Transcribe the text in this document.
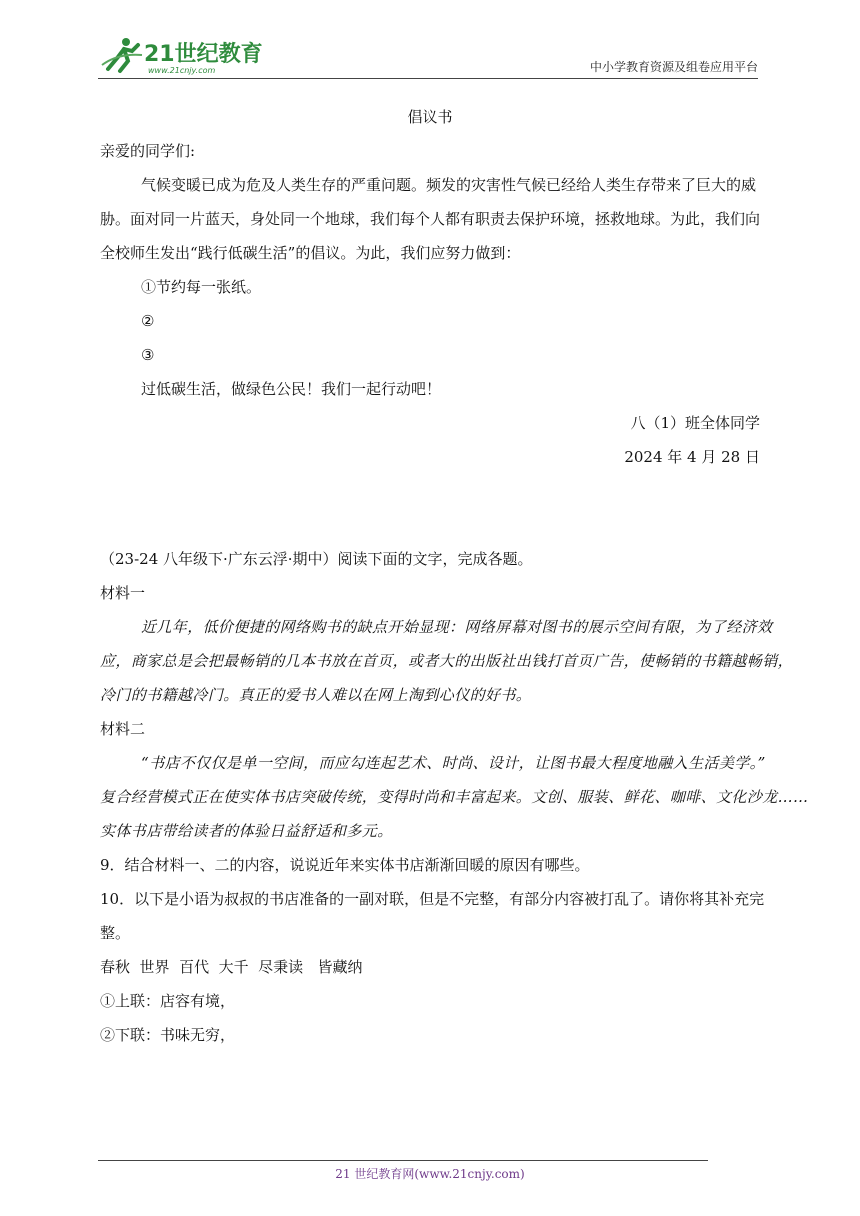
21世纪教育
www.21cnjy.com	中小学教育资源及组卷应用平台
倡议书
亲爱的同学们:
气候变暖已成为危及人类生存的严重问题。频发的灾害性气候已经给人类生存带来了巨大的威
胁。面对同一片蓝天，身处同一个地球，我们每个人都有职责去保护环境，拯救地球。为此，我们向
全校师生发出“践行低碳生活”的倡议。为此，我们应努力做到：
①节约每一张纸。
②
③
过低碳生活，做绿色公民！我们一起行动吧！
八（1）班全体同学
2024 年 4 月 28 日
（23-24 八年级下·广东云浮·期中）阅读下面的文字，完成各题。
材料一
近几年，低价便捷的网络购书的缺点开始显现：网络屏幕对图书的展示空间有限，为了经济效
应，商家总是会把最畅销的几本书放在首页，或者大的出版社出钱打首页广告，使畅销的书籍越畅销，
冷门的书籍越冷门。真正的爱书人难以在网上淘到心仪的好书。
材料二
“书店不仅仅是单一空间，而应勾连起艺术、时尚、设计，让图书最大程度地融入生活美学。”
复合经营模式正在使实体书店突破传统，变得时尚和丰富起来。文创、服装、鲜花、咖啡、文化沙龙……
实体书店带给读者的体验日益舒适和多元。
9．结合材料一、二的内容，说说近年来实体书店渐渐回暖的原因有哪些。
10．以下是小语为叔叔的书店准备的一副对联，但是不完整，有部分内容被打乱了。请你将其补充完
整。
春秋  世界  百代  大千  尽秉读   皆藏纳
①上联：店容有境，
②下联：书味无穷，
21 世纪教育网(www.21cnjy.com)
